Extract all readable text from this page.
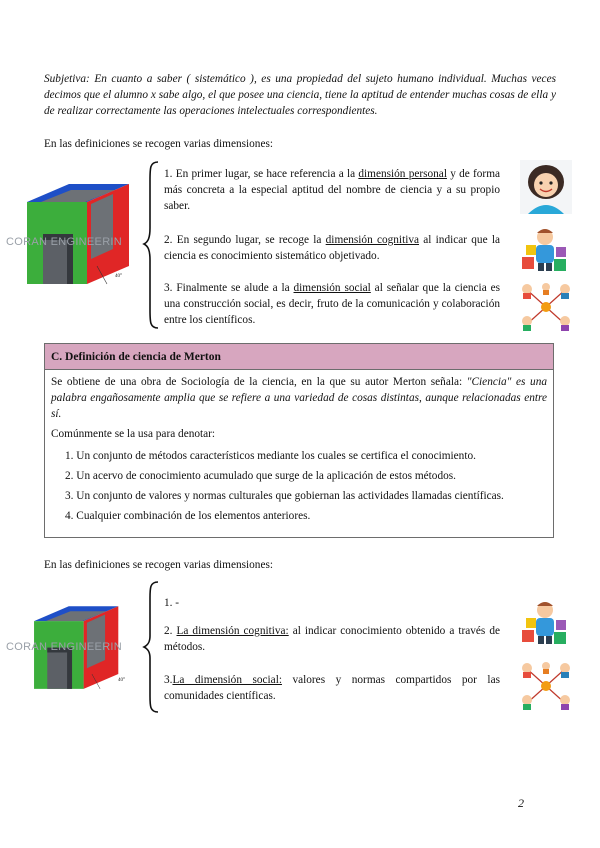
Subjetiva: En cuanto a saber ( sistemático ), es una propiedad del sujeto humano individual. Muchas veces decimos que el alumno x sabe algo, el que posee una ciencia, tiene la aptitud de entender muchas cosas de ella y de realizar correctamente las operaciones intelectuales correspondientes.
En las definiciones se recogen varias dimensiones:
CORAN ENGINEERIN
40°
1. En primer lugar, se hace referencia a la dimensión personal y de forma más concreta a la especial aptitud del nombre de ciencia y a su propio saber.
2. En segundo lugar, se recoge la dimensión cognitiva al indicar que la ciencia es conocimiento sistemático objetivado.
3. Finalmente se alude a la dimensión social al señalar que la ciencia es una construcción social, es decir, fruto de la comunicación y colaboración entre los científicos.
C. Definición de ciencia de Merton

Se obtiene de una obra de Sociología de la ciencia, en la que su autor Merton señala: "Ciencia" es una palabra engañosamente amplia que se refiere a una variedad de cosas distintas, aunque relacionadas entre sí.

Comúnmente se la usa para denotar:

1. Un conjunto de métodos característicos mediante los cuales se certifica el conocimiento.

2. Un acervo de conocimiento acumulado que surge de la aplicación de estos métodos.

3. Un conjunto de valores y normas culturales que gobiernan las actividades llamadas científicas.

4. Cualquier combinación de los elementos anteriores.

En las definiciones se recogen varias dimensiones:
CORAN ENGINEERIN
40°
1. -
2. La dimensión cognitiva: al indicar conocimiento obtenido a través de métodos.
3.La dimensión social: valores y normas compartidos por las comunidades científicas.
2
